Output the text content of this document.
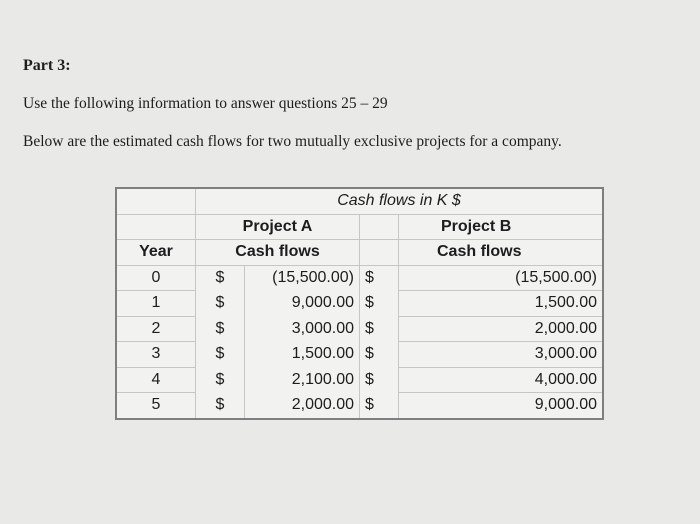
Part 3:
Use the following information to answer questions 25 – 29
Below are the estimated cash flows for two mutually exclusive projects for a company.
	Cash flows in K $			
	Project A			Project B
Year	Cash flows			Cash flows
0	$	(15,500.00)	$	(15,500.00)
1	$	9,000.00	$	1,500.00
2	$	3,000.00	$	2,000.00
3	$	1,500.00	$	3,000.00
4	$	2,100.00	$	4,000.00
5	$	2,000.00	$	9,000.00
